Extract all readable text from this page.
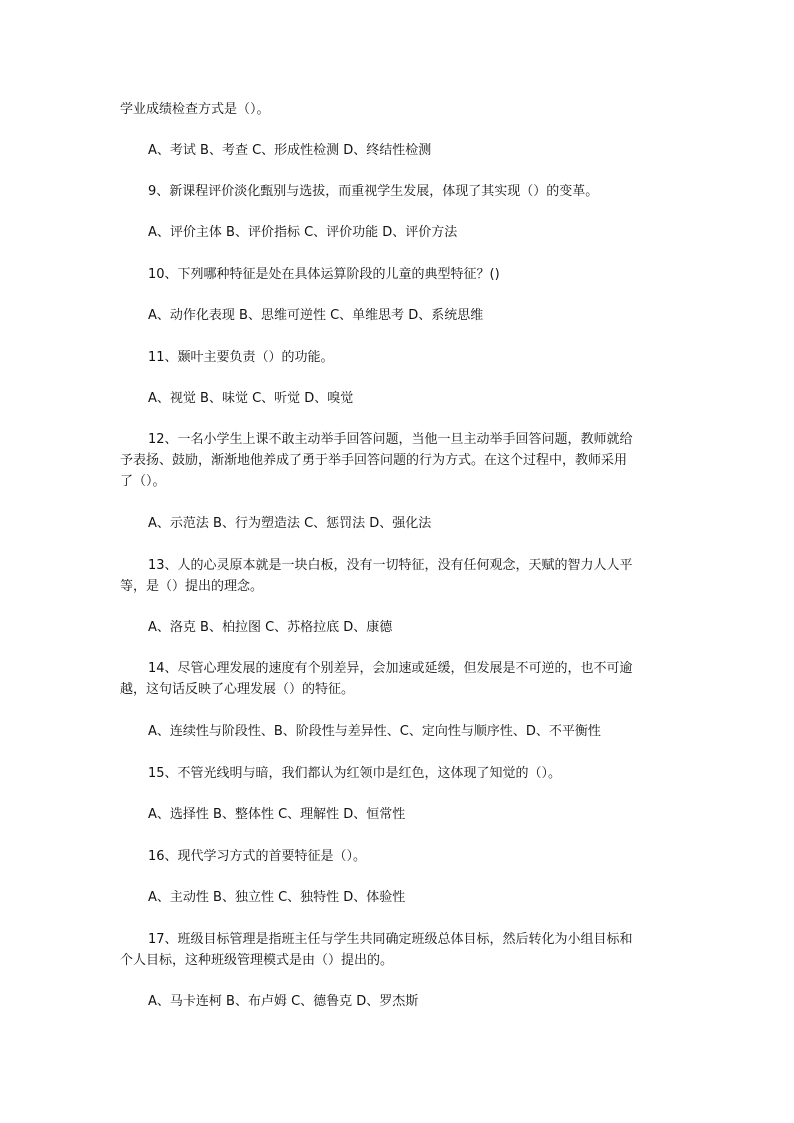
学业成绩检查方式是（）。

A、考试 B、考查 C、形成性检测 D、终结性检测

9、新课程评价淡化甄别与选拔，而重视学生发展，体现了其实现（）的变革。

A、评价主体 B、评价指标 C、评价功能 D、评价方法

10、下列哪种特征是处在具体运算阶段的儿童的典型特征？()

A、动作化表现 B、思维可逆性 C、单维思考 D、系统思维

11、颞叶主要负责（）的功能。

A、视觉 B、味觉 C、听觉 D、嗅觉

12、一名小学生上课不敢主动举手回答问题，当他一旦主动举手回答问题，教师就给
予表扬、鼓励，渐渐地他养成了勇于举手回答问题的行为方式。在这个过程中，教师采用
了（）。

A、示范法 B、行为塑造法 C、惩罚法 D、强化法

13、人的心灵原本就是一块白板，没有一切特征，没有任何观念，天赋的智力人人平
等，是（）提出的理念。

A、洛克 B、柏拉图 C、苏格拉底 D、康德

14、尽管心理发展的速度有个别差异，会加速或延缓，但发展是不可逆的，也不可逾
越，这句话反映了心理发展（）的特征。

A、连续性与阶段性、B、阶段性与差异性、C、定向性与顺序性、D、不平衡性

15、不管光线明与暗，我们都认为红领巾是红色，这体现了知觉的（）。

A、选择性 B、整体性 C、理解性 D、恒常性

16、现代学习方式的首要特征是（）。

A、主动性 B、独立性 C、独特性 D、体验性

17、班级目标管理是指班主任与学生共同确定班级总体目标，然后转化为小组目标和
个人目标，这种班级管理模式是由（）提出的。

A、马卡连柯 B、布卢姆 C、德鲁克 D、罗杰斯
